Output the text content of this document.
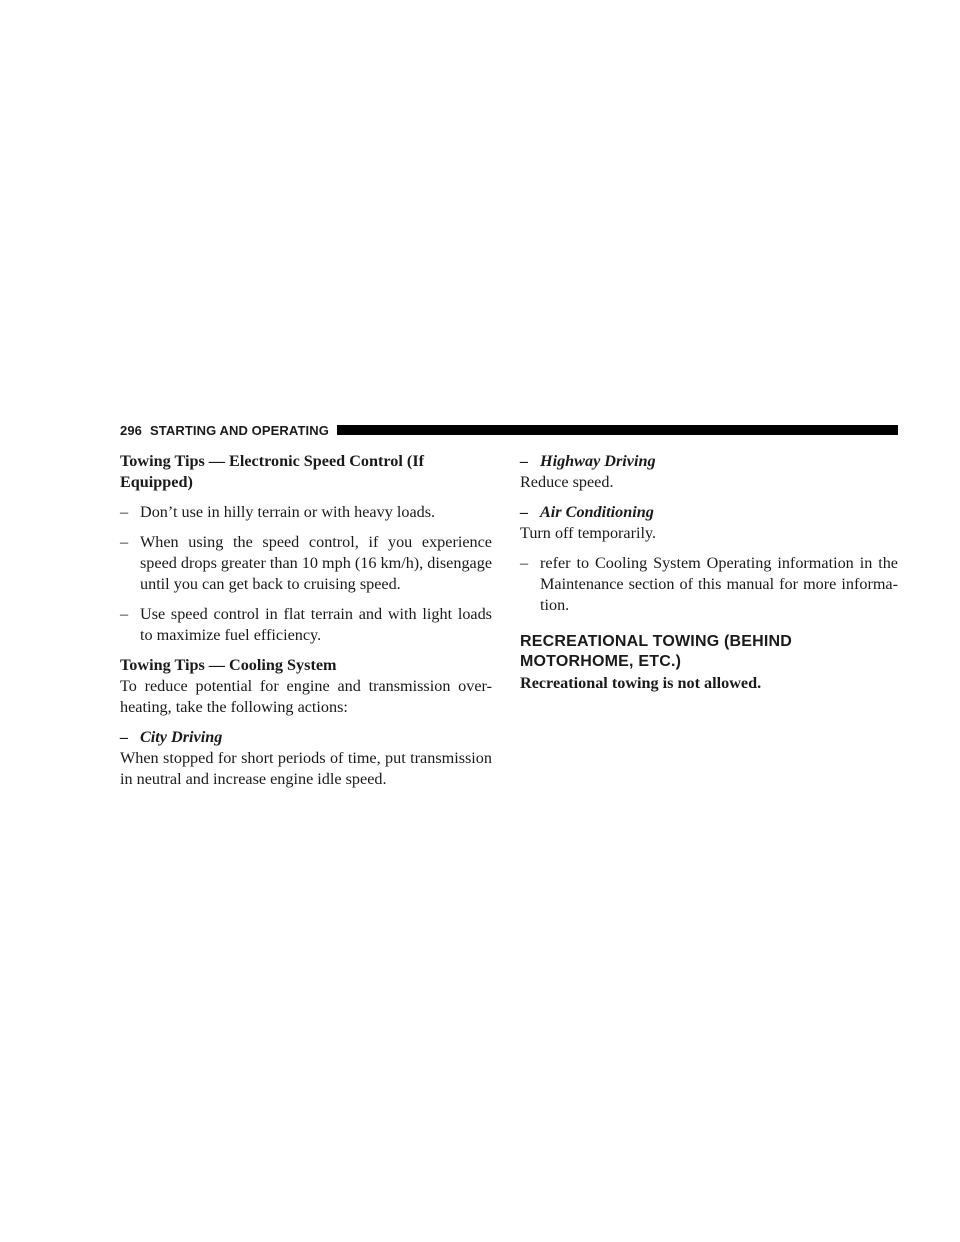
296 STARTING AND OPERATING

Towing Tips — Electronic Speed Control (If Equipped)

– Don’t use in hilly terrain or with heavy loads.

– When using the speed control, if you experience speed drops greater than 10 mph (16 km/h), disengage until you can get back to cruising speed.

– Use speed control in flat terrain and with light loads to maximize fuel efficiency.

Towing Tips — Cooling System

To reduce potential for engine and transmission over-heating, take the following actions:

– City Driving

When stopped for short periods of time, put transmission in neutral and increase engine idle speed.

– Highway Driving

Reduce speed.

– Air Conditioning

Turn off temporarily.

– refer to Cooling System Operating information in the Maintenance section of this manual for more informa-tion.

RECREATIONAL TOWING (BEHIND
MOTORHOME, ETC.)

Recreational towing is not allowed.
